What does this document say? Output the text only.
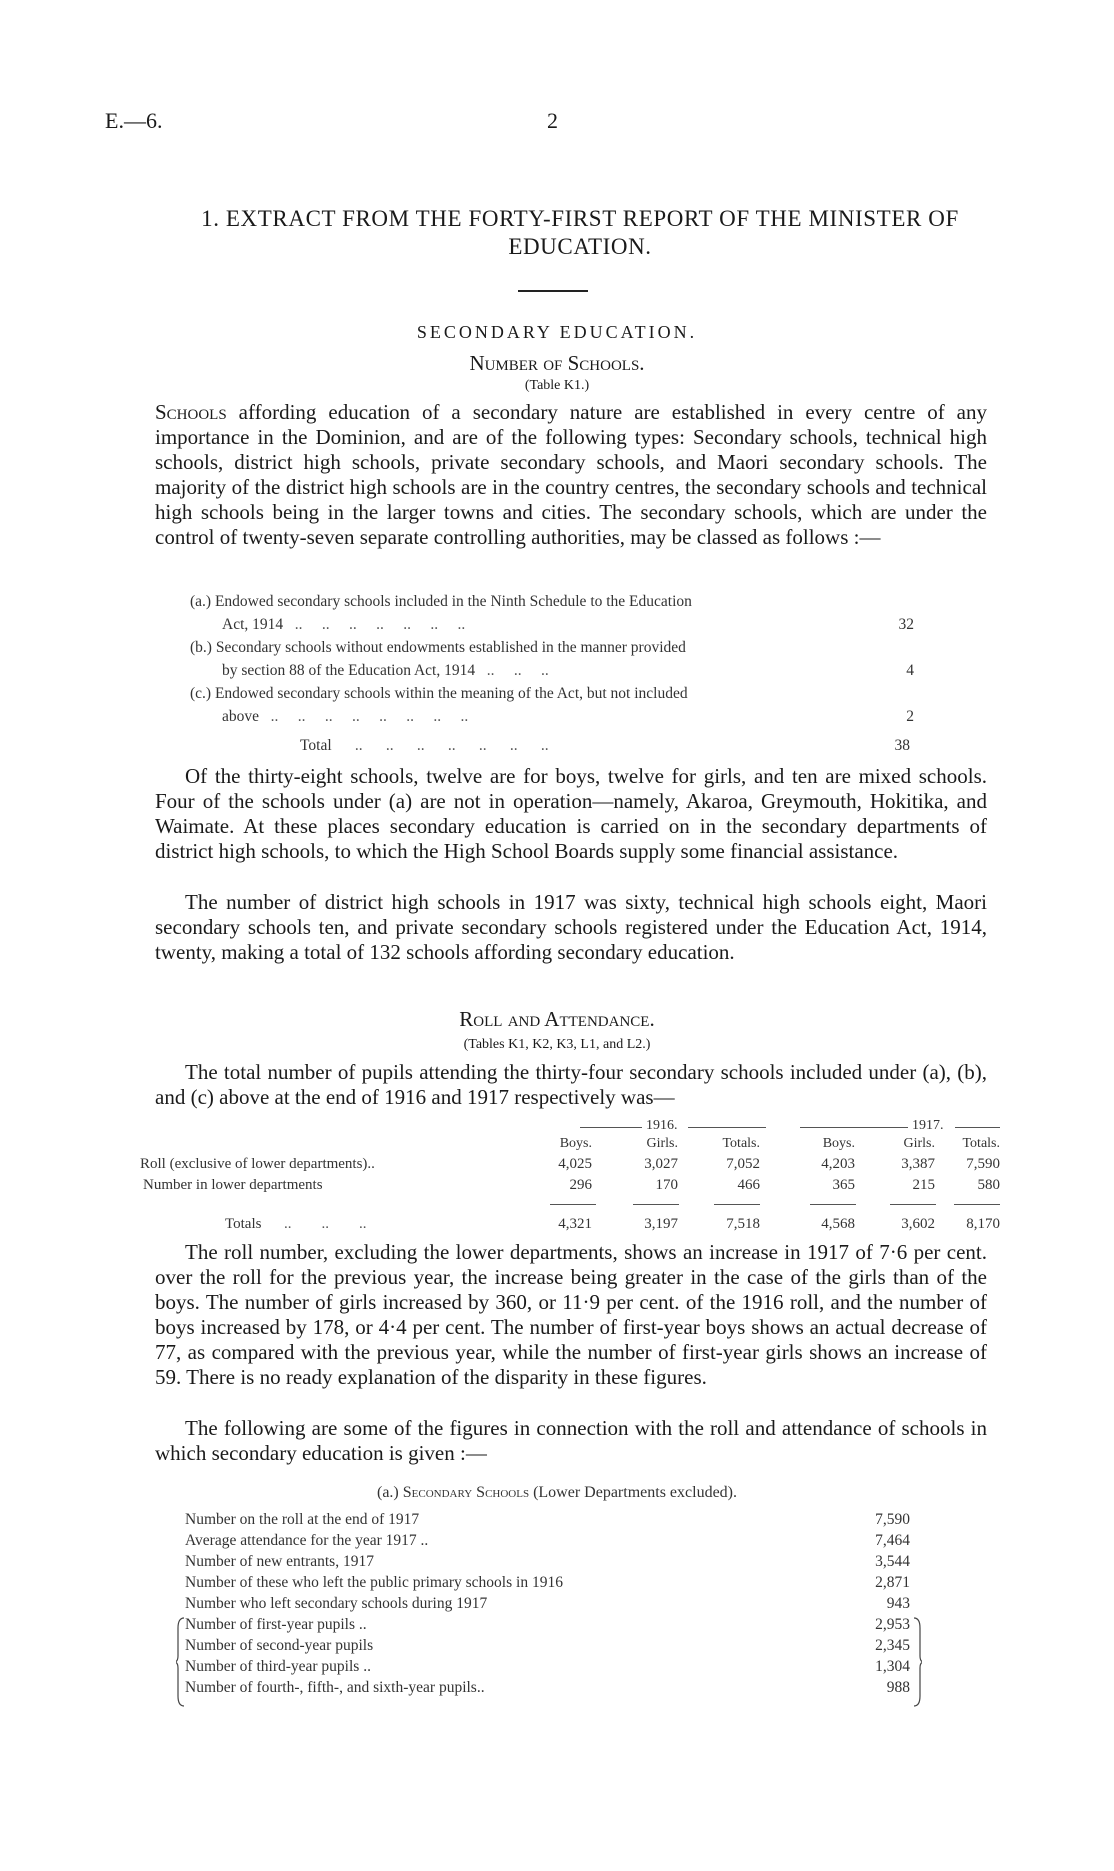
E.—6.	2
1. EXTRACT FROM THE FORTY-FIRST REPORT OF THE MINISTER OF
EDUCATION.
SECONDARY EDUCATION.
Number of Schools.
(Table K1.)

Schools affording education of a secondary nature are established in every centre of any importance in the Dominion, and are of the following types: Secondary schools, technical high schools, district high schools, private secondary schools, and Maori secondary schools. The majority of the district high schools are in the country centres, the secondary schools and technical high schools being in the larger towns and cities. The secondary schools, which are under the control of twenty-seven separate controlling authorities, may be classed as follows :—

(a.) Endowed secondary schools included in the Ninth Schedule to the Education
Act, 1914   ..     ..     ..     ..     ..     ..     ..	32
(b.) Secondary schools without endowments established in the manner provided
by section 88 of the Education Act, 1914   ..     ..     ..	4
(c.) Endowed secondary schools within the meaning of the Act, but not included
above   ..     ..     ..     ..     ..     ..     ..     ..	2
Total      ..      ..      ..      ..      ..      ..      ..	38

Of the thirty-eight schools, twelve are for boys, twelve for girls, and ten are mixed schools. Four of the schools under (a) are not in operation—namely, Akaroa, Greymouth, Hokitika, and Waimate. At these places secondary education is carried on in the secondary departments of district high schools, to which the High School Boards supply some financial assistance.

The number of district high schools in 1917 was sixty, technical high schools eight, Maori secondary schools ten, and private secondary schools registered under the Education Act, 1914, twenty, making a total of 132 schools affording secondary education.

Roll and Attendance.
(Tables K1, K2, K3, L1, and L2.)

The total number of pupils attending the thirty-four secondary schools included under (a), (b), and (c) above at the end of 1916 and 1917 respectively was—

1916.	1917.
Boys.	Girls.	Totals.	Boys.	Girls.	Totals.
Roll (exclusive of lower departments)..	4,025	3,027	7,052	4,203	3,387	7,590
Number in lower departments	296	170	466	365	215	580
Totals      ..        ..        ..	4,321	3,197	7,518	4,568	3,602	8,170

The roll number, excluding the lower departments, shows an increase in 1917 of 7·6 per cent. over the roll for the previous year, the increase being greater in the case of the girls than of the boys. The number of girls increased by 360, or 11·9 per cent. of the 1916 roll, and the number of boys increased by 178, or 4·4 per cent. The number of first-year boys shows an actual decrease of 77, as compared with the previous year, while the number of first-year girls shows an increase of 59. There is no ready explanation of the disparity in these figures.

The following are some of the figures in connection with the roll and attendance of schools in which secondary education is given :—

(a.) Secondary Schools (Lower Departments excluded).
Number on the roll at the end of 1917	7,590
Average attendance for the year 1917 ..	7,464
Number of new entrants, 1917	3,544
Number of these who left the public primary schools in 1916	2,871
Number who left secondary schools during 1917	943
Number of first-year pupils ..	2,953
Number of second-year pupils	2,345
Number of third-year pupils ..	1,304
Number of fourth-, fifth-, and sixth-year pupils..	988
